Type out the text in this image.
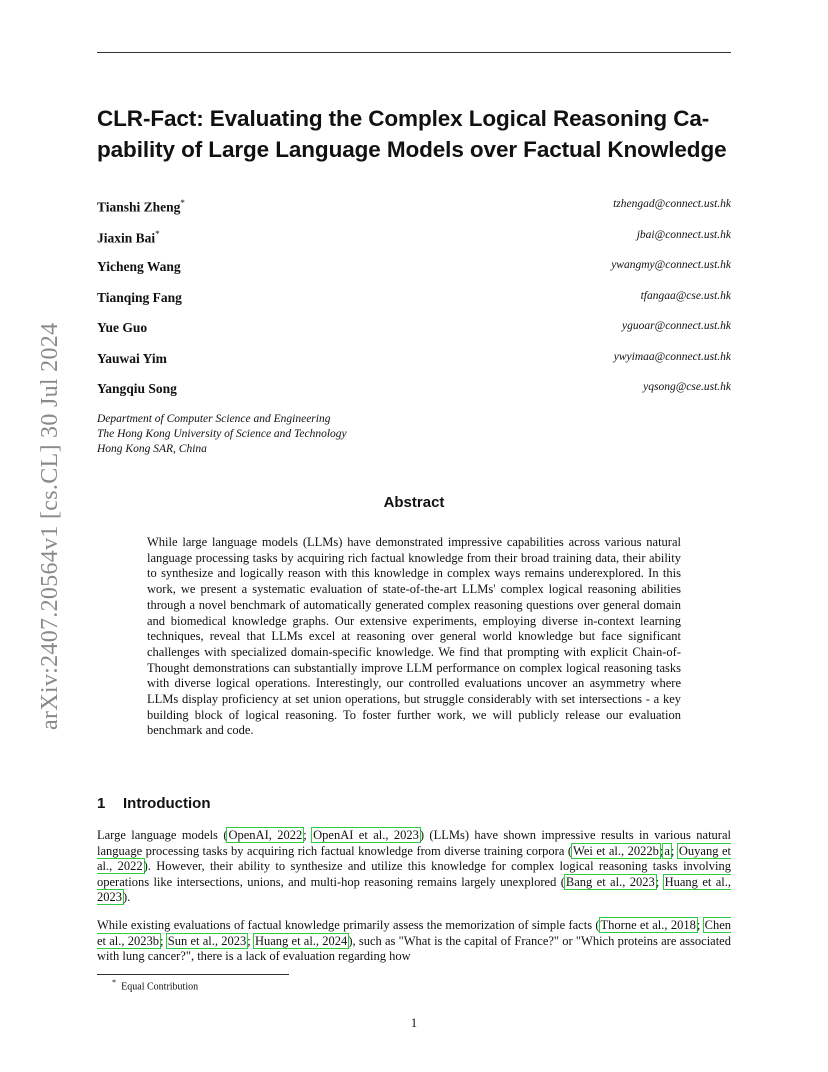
arXiv:2407.20564v1 [cs.CL] 30 Jul 2024
CLR-Fact: Evaluating the Complex Logical Reasoning Ca-
pability of Large Language Models over Factual Knowledge
Tianshi Zheng*	tzhengad@connect.ust.hk
Jiaxin Bai*	jbai@connect.ust.hk
Yicheng Wang	ywangmy@connect.ust.hk
Tianqing Fang	tfangaa@cse.ust.hk
Yue Guo	yguoar@connect.ust.hk
Yauwai Yim	ywyimaa@connect.ust.hk
Yangqiu Song	yqsong@cse.ust.hk
Department of Computer Science and Engineering
The Hong Kong University of Science and Technology
Hong Kong SAR, China
Abstract
While large language models (LLMs) have demonstrated impressive capabilities across various natural language processing tasks by acquiring rich factual knowledge from their broad training data, their ability to synthesize and logically reason with this knowledge in complex ways remains underexplored. In this work, we present a systematic evaluation of state-of-the-art LLMs' complex logical reasoning abilities through a novel benchmark of automatically generated complex reasoning questions over general domain and biomedical knowledge graphs. Our extensive experiments, employing diverse in-context learning techniques, reveal that LLMs excel at reasoning over general world knowledge but face significant challenges with specialized domain-specific knowledge. We find that prompting with explicit Chain-of-Thought demonstrations can substantially improve LLM performance on complex logical reasoning tasks with diverse logical operations. Interestingly, our controlled evaluations uncover an asymmetry where LLMs display proficiency at set union operations, but struggle considerably with set intersections - a key building block of logical reasoning. To foster further work, we will publicly release our evaluation benchmark and code.
1 Introduction
Large language models (OpenAI, 2022; OpenAI et al., 2023) (LLMs) have shown impressive results in various natural language processing tasks by acquiring rich factual knowledge from diverse training corpora (Wei et al., 2022b;a; Ouyang et al., 2022). However, their ability to synthesize and utilize this knowledge for complex logical reasoning tasks involving operations like intersections, unions, and multi-hop reasoning remains largely unexplored (Bang et al., 2023; Huang et al., 2023).
While existing evaluations of factual knowledge primarily assess the memorization of simple facts (Thorne et al., 2018; Chen et al., 2023b; Sun et al., 2023; Huang et al., 2024), such as "What is the capital of France?" or "Which proteins are associated with lung cancer?", there is a lack of evaluation regarding how
* Equal Contribution
1
